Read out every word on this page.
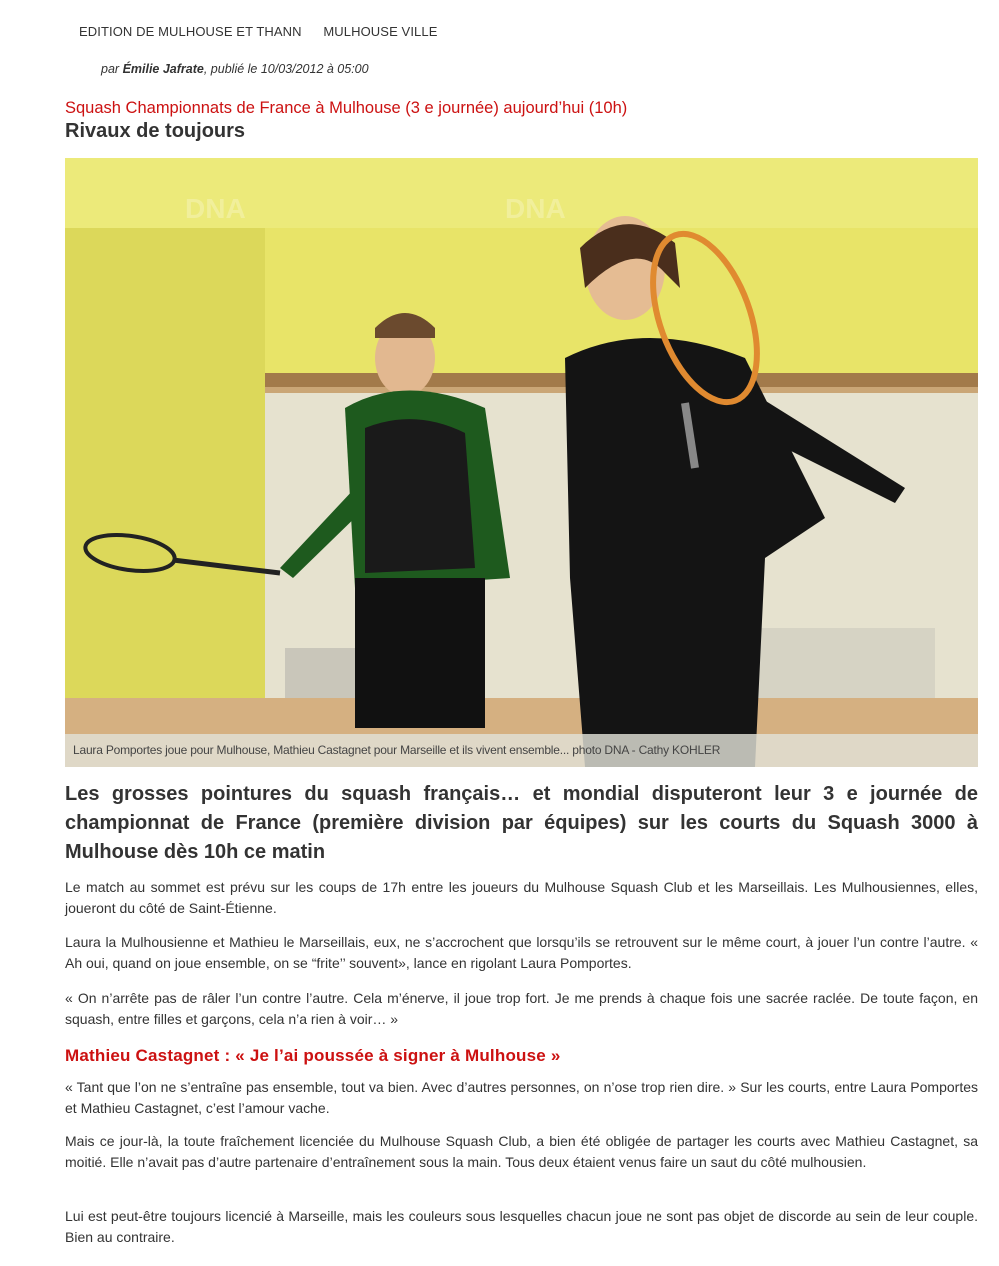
EDITION DE MULHOUSE ET THANN MULHOUSE VILLE
par Émilie Jafrate, publié le 10/03/2012 à 05:00
Squash Championnats de France à Mulhouse (3 e journée) aujourd’hui (10h)
Rivaux de toujours
DNA	DNA
Laura Pomportes joue pour Mulhouse, Mathieu Castagnet pour Marseille et ils vivent ensemble... photo DNA - Cathy KOHLER
Les grosses pointures du squash français… et mondial disputeront leur 3 e journée de championnat de France (première division par équipes) sur les courts du Squash 3000 à Mulhouse dès 10h ce matin
Le match au sommet est prévu sur les coups de 17h entre les joueurs du Mulhouse Squash Club et les Marseillais. Les Mulhousiennes, elles, joueront du côté de Saint-Étienne.
Laura la Mulhousienne et Mathieu le Marseillais, eux, ne s’accrochent que lorsqu’ils se retrouvent sur le même court, à jouer l’un contre l’autre. « Ah oui, quand on joue ensemble, on se “frite’’ souvent», lance en rigolant Laura Pomportes.
« On n’arrête pas de râler l’un contre l’autre. Cela m’énerve, il joue trop fort. Je me prends à chaque fois une sacrée raclée. De toute façon, en squash, entre filles et garçons, cela n’a rien à voir… »
Mathieu Castagnet : « Je l’ai poussée à signer à Mulhouse »
« Tant que l’on ne s’entraîne pas ensemble, tout va bien. Avec d’autres personnes, on n’ose trop rien dire. » Sur les courts, entre Laura Pomportes et Mathieu Castagnet, c’est l’amour vache.
Mais ce jour-là, la toute fraîchement licenciée du Mulhouse Squash Club, a bien été obligée de partager les courts avec Mathieu Castagnet, sa moitié. Elle n’avait pas d’autre partenaire d’entraînement sous la main. Tous deux étaient venus faire un saut du côté mulhousien.
Lui est peut-être toujours licencié à Marseille, mais les couleurs sous lesquelles chacun joue ne sont pas objet de discorde au sein de leur couple. Bien au contraire.
